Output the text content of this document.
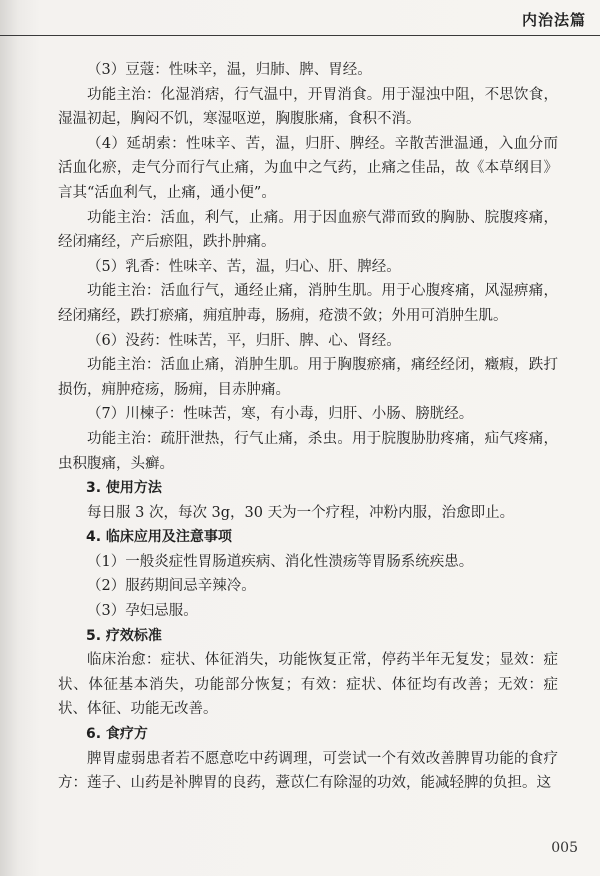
内治法篇

（3）豆蔻：性味辛，温，归肺、脾、胃经。

功能主治：化湿消痞，行气温中，开胃消食。用于湿浊中阻，不思饮食，湿温初起，胸闷不饥，寒湿呕逆，胸腹胀痛，食积不消。

（4）延胡索：性味辛、苦，温，归肝、脾经。辛散苦泄温通，入血分而活血化瘀，走气分而行气止痛，为血中之气药，止痛之佳品，故《本草纲目》言其“活血利气，止痛，通小便”。

功能主治：活血，利气，止痛。用于因血瘀气滞而致的胸胁、脘腹疼痛，经闭痛经，产后瘀阻，跌扑肿痛。

（5）乳香：性味辛、苦，温，归心、肝、脾经。

功能主治：活血行气，通经止痛，消肿生肌。用于心腹疼痛，风湿痹痛，经闭痛经，跌打瘀痛，痈疽肿毒，肠痈，疮溃不敛；外用可消肿生肌。

（6）没药：性味苦，平，归肝、脾、心、肾经。

功能主治：活血止痛，消肿生肌。用于胸腹瘀痛，痛经经闭，癥瘕，跌打损伤，痈肿疮疡，肠痈，目赤肿痛。

（7）川楝子：性味苦，寒，有小毒，归肝、小肠、膀胱经。

功能主治：疏肝泄热，行气止痛，杀虫。用于脘腹胁肋疼痛，疝气疼痛，虫积腹痛，头癣。

3. 使用方法

每日服 3 次，每次 3g，30 天为一个疗程，冲粉内服，治愈即止。

4. 临床应用及注意事项

（1）一般炎症性胃肠道疾病、消化性溃疡等胃肠系统疾患。

（2）服药期间忌辛辣冷。

（3）孕妇忌服。

5. 疗效标准

临床治愈：症状、体征消失，功能恢复正常，停药半年无复发；显效：症状、体征基本消失，功能部分恢复；有效：症状、体征均有改善；无效：症状、体征、功能无改善。

6. 食疗方

脾胃虚弱患者若不愿意吃中药调理，可尝试一个有效改善脾胃功能的食疗方：莲子、山药是补脾胃的良药，薏苡仁有除湿的功效，能减轻脾的负担。这

005
